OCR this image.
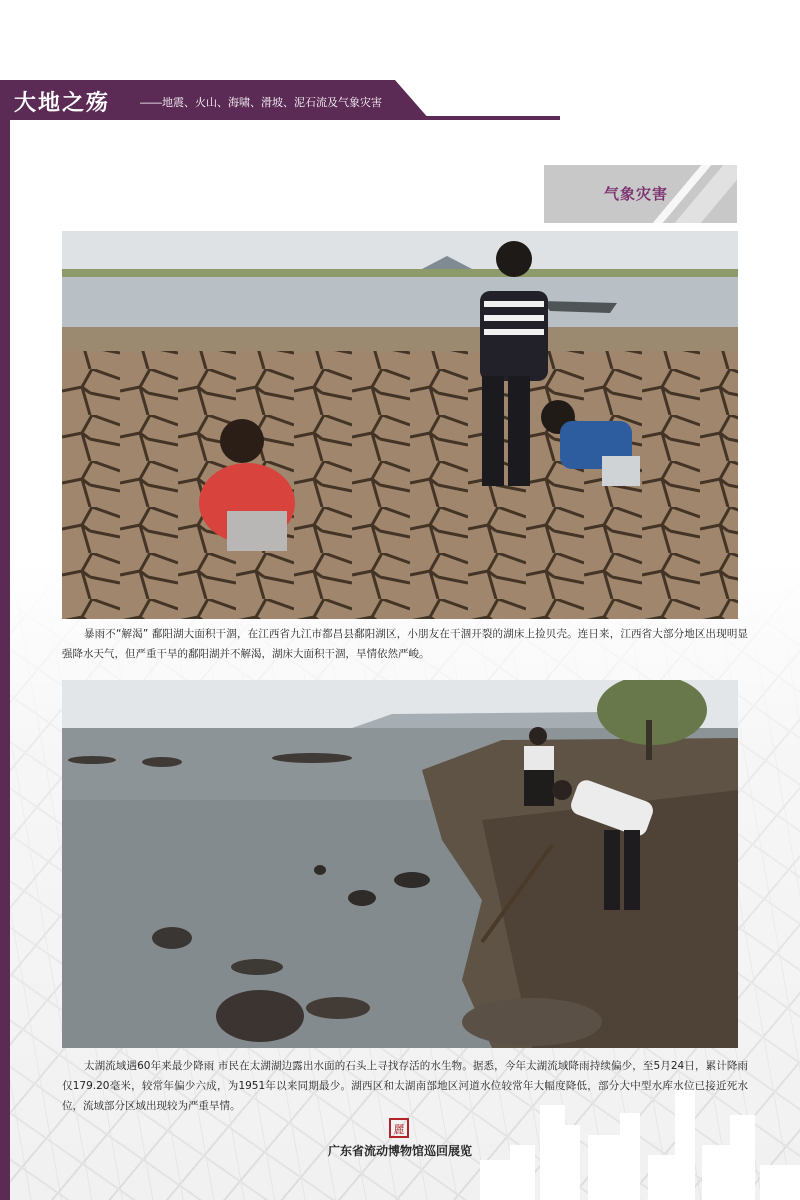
大地之殇	——地震、火山、海啸、滑坡、泥石流及气象灾害
气象灾害
暴雨不“解渴” 鄱阳湖大面积干涸，在江西省九江市都昌县鄱阳湖区，小朋友在干涸开裂的湖床上捡贝壳。连日来，江西省大部分地区出现明显强降水天气，但严重干旱的鄱阳湖并不解渴，湖床大面积干涸，旱情依然严峻。
太湖流域遇60年来最少降雨 市民在太湖湖边露出水面的石头上寻找存活的水生物。据悉，今年太湖流域降雨持续偏少，至5月24日，累计降雨仅179.20毫米，较常年偏少六成，为1951年以来同期最少。湖西区和太湖南部地区河道水位较常年大幅度降低，部分大中型水库水位已接近死水位，流域部分区域出现较为严重旱情。
麗
广东省流动博物馆巡回展览
